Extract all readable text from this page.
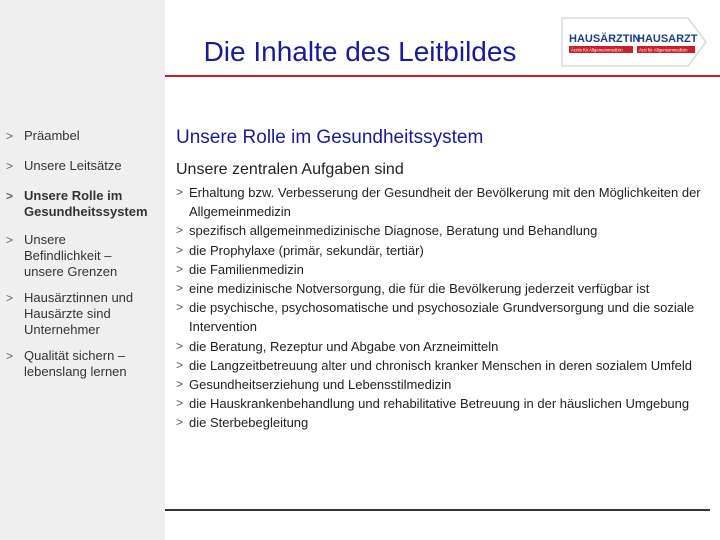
Die Inhalte des Leitbildes	HAUSÄRZTIN
HAUSARZT
Ärztin für Allgemeinmedizin	Arzt für Allgemeinmedizin
> Präambel
> Unsere Leitsätze
> Unsere Rolle im Gesundheitssystem
> Unsere Befindlichkeit – unsere Grenzen
> Hausärztinnen und Hausärzte sind Unternehmer
> Qualität sichern – lebenslang lernen
Unsere Rolle im Gesundheitssystem
Unsere zentralen Aufgaben sind
> Erhaltung bzw. Verbesserung der Gesundheit der Bevölkerung mit den Möglichkeiten der Allgemeinmedizin
> spezifisch allgemeinmedizinische Diagnose, Beratung und Behandlung
> die Prophylaxe (primär, sekundär, tertiär)
> die Familienmedizin
> eine medizinische Notversorgung, die für die Bevölkerung jederzeit verfügbar ist
> die psychische, psychosomatische und psychosoziale Grundversorgung und die soziale Intervention
> die Beratung, Rezeptur und Abgabe von Arzneimitteln
> die Langzeitbetreuung alter und chronisch kranker Menschen in deren sozialem Umfeld
> Gesundheitserziehung und Lebensstilmedizin
> die Hauskrankenbehandlung und rehabilitative Betreuung in der häuslichen Umgebung
> die Sterbebegleitung
